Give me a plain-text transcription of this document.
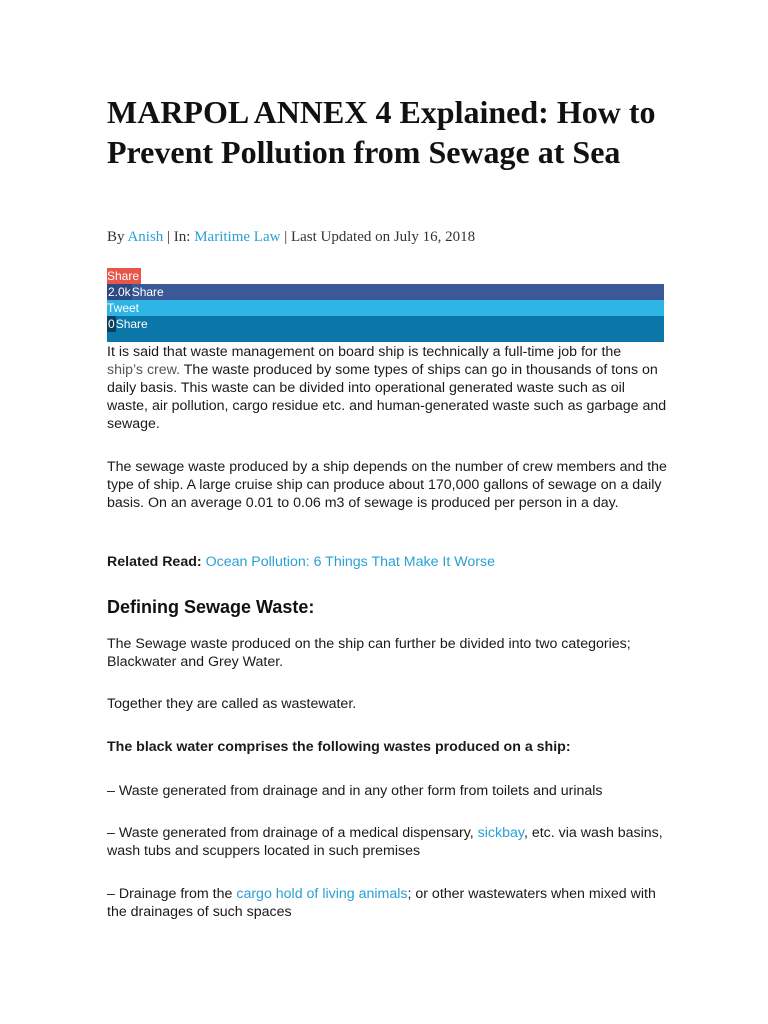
MARPOL ANNEX 4 Explained: How to Prevent Pollution from Sewage at Sea
By Anish | In: Maritime Law | Last Updated on July 16, 2018
Share
2.0k Share
Tweet
0 Share

It is said that waste management on board ship is technically a full-time job for the
ship’s crew. The waste produced by some types of ships can go in thousands of tons on daily basis. This waste can be divided into operational generated waste such as oil waste, air pollution, cargo residue etc. and human-generated waste such as garbage and sewage.

The sewage waste produced by a ship depends on the number of crew members and the type of ship. A large cruise ship can produce about 170,000 gallons of sewage on a daily basis. On an average 0.01 to 0.06 m3 of sewage is produced per person in a day.

Related Read: Ocean Pollution: 6 Things That Make It Worse

Defining Sewage Waste:

The Sewage waste produced on the ship can further be divided into two categories; Blackwater and Grey Water.

Together they are called as wastewater.

The black water comprises the following wastes produced on a ship:

– Waste generated from drainage and in any other form from toilets and urinals

– Waste generated from drainage of a medical dispensary, sickbay, etc. via wash basins, wash tubs and scuppers located in such premises

– Drainage from the cargo hold of living animals; or other wastewaters when mixed with the drainages of such spaces
